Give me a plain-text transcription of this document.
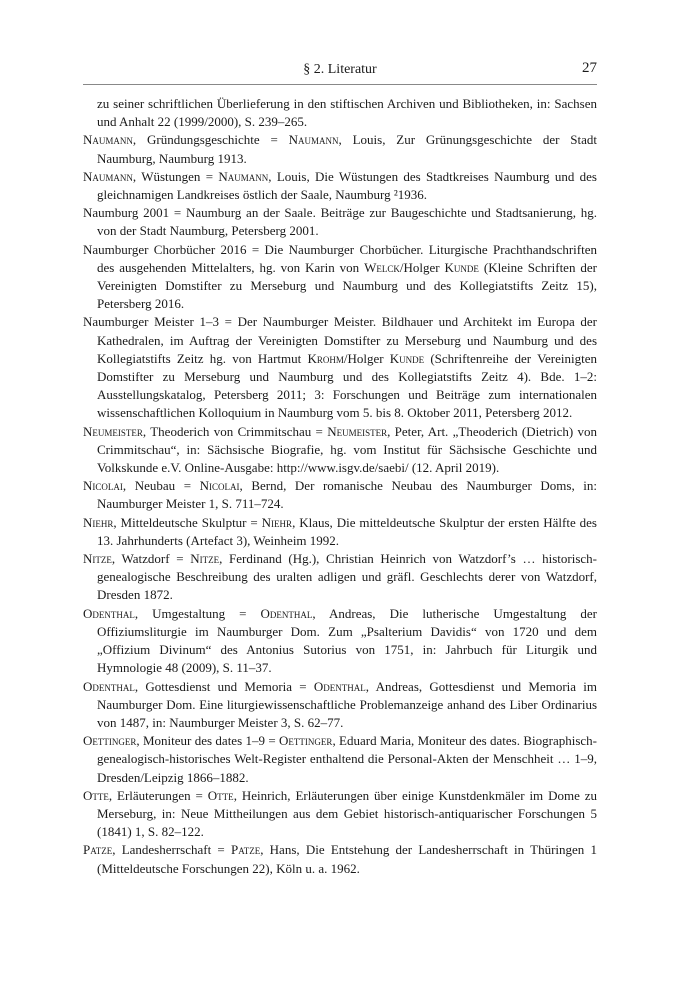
§ 2. Literatur	27

zu seiner schriftlichen Überlieferung in den stiftischen Archiven und Bibliotheken, in: Sachsen und Anhalt 22 (1999/2000), S. 239–265.

Naumann, Gründungsgeschichte = Naumann, Louis, Zur Grünungsgeschichte der Stadt Naumburg, Naumburg 1913.

Naumann, Wüstungen = Naumann, Louis, Die Wüstungen des Stadtkreises Naumburg und des gleichnamigen Landkreises östlich der Saale, Naumburg ²1936.

Naumburg 2001 = Naumburg an der Saale. Beiträge zur Baugeschichte und Stadtsanierung, hg. von der Stadt Naumburg, Petersberg 2001.

Naumburger Chorbücher 2016 = Die Naumburger Chorbücher. Liturgische Prachthandschriften des ausgehenden Mittelalters, hg. von Karin von Welck/Holger Kunde (Kleine Schriften der Vereinigten Domstifter zu Merseburg und Naumburg und des Kollegiatstifts Zeitz 15), Petersberg 2016.

Naumburger Meister 1–3 = Der Naumburger Meister. Bildhauer und Architekt im Europa der Kathedralen, im Auftrag der Vereinigten Domstifter zu Merseburg und Naumburg und des Kollegiatstifts Zeitz hg. von Hartmut Krohm/Holger Kunde (Schriftenreihe der Vereinigten Domstifter zu Merseburg und Naumburg und des Kollegiatstifts Zeitz 4). Bde. 1–2: Ausstellungskatalog, Petersberg 2011; 3: Forschungen und Beiträge zum internationalen wissenschaftlichen Kolloquium in Naumburg vom 5. bis 8. Oktober 2011, Petersberg 2012.

Neumeister, Theoderich von Crimmitschau = Neumeister, Peter, Art. „Theoderich (Dietrich) von Crimmitschau“, in: Sächsische Biografie, hg. vom Institut für Sächsische Geschichte und Volkskunde e.V. Online-Ausgabe: http://www.isgv.de/saebi/ (12. April 2019).

Nicolai, Neubau = Nicolai, Bernd, Der romanische Neubau des Naumburger Doms, in: Naumburger Meister 1, S. 711–724.

Niehr, Mitteldeutsche Skulptur = Niehr, Klaus, Die mitteldeutsche Skulptur der ersten Hälfte des 13. Jahrhunderts (Artefact 3), Weinheim 1992.

Nitze, Watzdorf = Nitze, Ferdinand (Hg.), Christian Heinrich von Watzdorf’s … historisch-genealogische Beschreibung des uralten adligen und gräfl. Geschlechts derer von Watzdorf, Dresden 1872.

Odenthal, Umgestaltung = Odenthal, Andreas, Die lutherische Umgestaltung der Offiziumsliturgie im Naumburger Dom. Zum „Psalterium Davidis“ von 1720 und dem „Offizium Divinum“ des Antonius Sutorius von 1751, in: Jahrbuch für Liturgik und Hymnologie 48 (2009), S. 11–37.

Odenthal, Gottesdienst und Memoria = Odenthal, Andreas, Gottesdienst und Memoria im Naumburger Dom. Eine liturgiewissenschaftliche Problemanzeige anhand des Liber Ordinarius von 1487, in: Naumburger Meister 3, S. 62–77.

Oettinger, Moniteur des dates 1–9 = Oettinger, Eduard Maria, Moniteur des dates. Biographisch-genealogisch-historisches Welt-Register enthaltend die Personal-Akten der Menschheit … 1–9, Dresden/Leipzig 1866–1882.

Otte, Erläuterungen = Otte, Heinrich, Erläuterungen über einige Kunstdenkmäler im Dome zu Merseburg, in: Neue Mittheilungen aus dem Gebiet historisch-antiquarischer Forschungen 5 (1841) 1, S. 82–122.

Patze, Landesherrschaft = Patze, Hans, Die Entstehung der Landesherrschaft in Thüringen 1 (Mitteldeutsche Forschungen 22), Köln u. a. 1962.
